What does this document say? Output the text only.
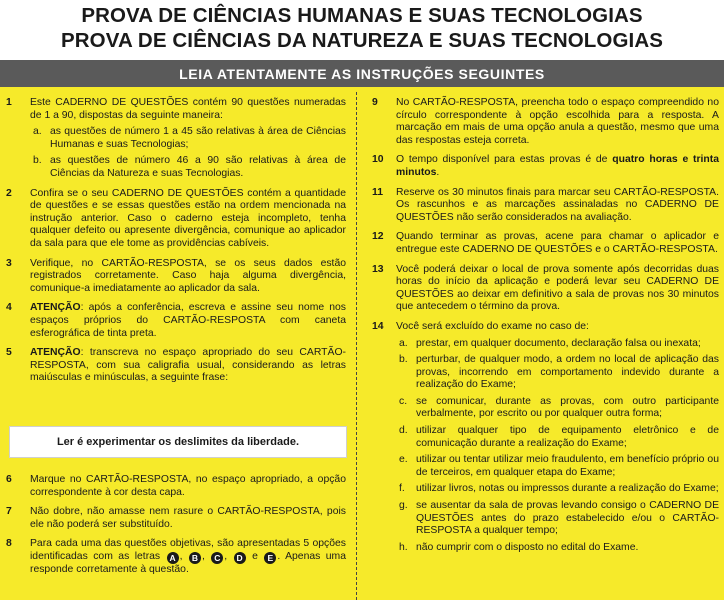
PROVA DE CIÊNCIAS HUMANAS E SUAS TECNOLOGIAS
PROVA DE CIÊNCIAS DA NATUREZA E SUAS TECNOLOGIAS
LEIA ATENTAMENTE AS INSTRUÇÕES SEGUINTES
1	Este CADERNO DE QUESTÕES contém 90 questões numeradas de 1 a 90, dispostas da seguinte maneira:
a. as questões de número 1 a 45 são relativas à área de Ciências Humanas e suas Tecnologias;
b. as questões de número 46 a 90 são relativas à área de Ciências da Natureza e suas Tecnologias.
2	Confira se o seu CADERNO DE QUESTÕES contém a quantidade de questões e se essas questões estão na ordem mencionada na instrução anterior. Caso o caderno esteja incompleto, tenha qualquer defeito ou apresente divergência, comunique ao aplicador da sala para que ele tome as providências cabíveis.
3	Verifique, no CARTÃO-RESPOSTA, se os seus dados estão registrados corretamente. Caso haja alguma divergência, comunique-a imediatamente ao aplicador da sala.
4	ATENÇÃO: após a conferência, escreva e assine seu nome nos espaços próprios do CARTÃO-RESPOSTA com caneta esferográfica de tinta preta.
5	ATENÇÃO: transcreva no espaço apropriado do seu CARTÃO-RESPOSTA, com sua caligrafia usual, considerando as letras maiúsculas e minúsculas, a seguinte frase:
Ler é experimentar os deslimites da liberdade.
6	Marque no CARTÃO-RESPOSTA, no espaço apropriado, a opção correspondente à cor desta capa.
7	Não dobre, não amasse nem rasure o CARTÃO-RESPOSTA, pois ele não poderá ser substituído.
8	Para cada uma das questões objetivas, são apresentadas 5 opções identificadas com as letras A , B , C , D e E . Apenas uma responde corretamente à questão.
9	No CARTÃO-RESPOSTA, preencha todo o espaço compreendido no círculo correspondente à opção escolhida para a resposta. A marcação em mais de uma opção anula a questão, mesmo que uma das respostas esteja correta.
10	O tempo disponível para estas provas é de quatro horas e trinta minutos.
11	Reserve os 30 minutos finais para marcar seu CARTÃO-RESPOSTA. Os rascunhos e as marcações assinaladas no CADERNO DE QUESTÕES não serão considerados na avaliação.
12	Quando terminar as provas, acene para chamar o aplicador e entregue este CADERNO DE QUESTÕES e o CARTÃO-RESPOSTA.
13	Você poderá deixar o local de prova somente após decorridas duas horas do início da aplicação e poderá levar seu CADERNO DE QUESTÕES ao deixar em definitivo a sala de provas nos 30 minutos que antecedem o término da prova.
14	Você será excluído do exame no caso de:
a. prestar, em qualquer documento, declaração falsa ou inexata;
b. perturbar, de qualquer modo, a ordem no local de aplicação das provas, incorrendo em comportamento indevido durante a realização do Exame;
c. se comunicar, durante as provas, com outro participante verbalmente, por escrito ou por qualquer outra forma;
d. utilizar qualquer tipo de equipamento eletrônico e de comunicação durante a realização do Exame;
e. utilizar ou tentar utilizar meio fraudulento, em benefício próprio ou de terceiros, em qualquer etapa do Exame;
f.	utilizar livros, notas ou impressos durante a realização do Exame;
g. se ausentar da sala de provas levando consigo o CADERNO DE QUESTÕES antes do prazo estabelecido e/ou o CARTÃO-RESPOSTA a qualquer tempo;
h. não cumprir com o disposto no edital do Exame.
